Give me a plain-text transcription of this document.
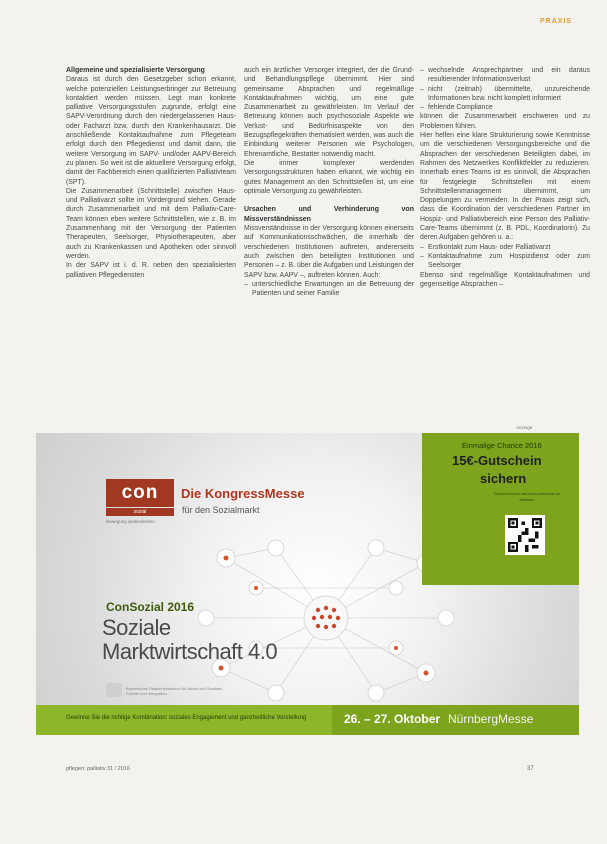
PRAXIS
Allgemeine und spezialisierte Versorgung

Daraus ist durch den Gesetzgeber schon erkannt, welche potenziellen Leistungserbringer zur Betreuung kontaktiert werden müssen. Legt man konkrete palliative Versorgungsstufen zugrunde, erfolgt eine SAPV-Verordnung durch den niedergelassenen Haus- oder Facharzt bzw. durch den Krankenhausarzt. Die anschließende Kontaktaufnahme zum Pflegeteam erfolgt durch den Pflegedienst und damit dann, die weitere Versorgung im SAPV- und/oder AAPV-Bereich zu planen. So weit ist die aktuellere Versorgung erfolgt, damit der Fachbereich einen qualifizierten Palliativteam (SPT).

Die Zusammenarbeit (Schnittstelle) zwischen Haus- und Palliativarzt sollte im Vordergrund stehen. Gerade durch Zusammenarbeit und mit dem Palliativ-Care-Team können eben weitere Schnittstellen, wie z. B. im Zusammenhang mit der Versorgung der Patienten Therapeuten, Seelsorger, Physiotherapeuten, aber auch zu Krankenkassen und Apotheken oder sinnvoll werden.

In der SAPV ist i. d. R. neben den spezialisierten palliativen Pflegediensten

auch ein ärztlicher Versorger integriert, der die Grund- und Behandlungspflege übernimmt. Hier sind gemeinsame Absprachen und regelmäßige Kontaktaufnahmen wichtig, um eine gute Zusammenarbeit zu gewährleisten. Im Verlauf der Betreuung können auch psychosoziale Aspekte wie Verlust- und Bedürfnisaspekte von den Bezugspflegekräften thematisiert werden, was auch die Einbindung weiterer Personen wie Psychologen, Ehrenamtliche, Bestatter notwendig macht.

Die immer komplexer werdenden Versorgungsstrukturen haben erkannt, wie wichtig ein gutes Management an den Schnittstellen ist, um eine optimale Versorgung zu gewährleisten.

Ursachen und Verhinderung von Missverständnissen

Missverständnisse in der Versorgung können einerseits auf Kommunikationsschwächen, die innerhalb der verschiedenen Institutionen auftreten, andererseits auch zwischen den beteiligten Institutionen und Personen – z. B. über die Aufgaben und Leistungen der SAPV bzw. AAPV –, auftreten können. Auch:

– unterschiedliche Erwartungen an die Betreuung der Patienten und seiner Familie
– wechselnde Ansprechpartner und ein daraus resultierender Informationsverlust
– nicht (zeitnah) übermittelte, unzureichende Informationen bzw. nicht komplett informiert
– fehlende Compliance

können die Zusammenarbeit erschweren und zu Problemen führen.

Hier helfen eine klare Strukturierung sowie Kenntnisse um die verschiedenen Versorgungsbereiche und die Absprachen der verschiedenen Beteiligten dabei, im Rahmen des Netzwerkes Konfliktfelder zu reduzieren. Innerhalb eines Teams ist es sinnvoll, die Absprachen für festgelegte Schnittstellen mit einem Schnittstellenmanagement übernimmt, um Doppelungen zu vermeiden. In der Praxis zeigt sich, dass die Koordination der verschiedenen Partner im Hospiz- und Palliativbereich eine Person des Palliativ-Care-Teams übernimmt (z. B. PDL, Koordinatorin). Zu deren Aufgaben gehören u. a.:

– Erstkontakt zum Haus- oder Palliativarzt
– Kontaktaufnahme zum Hospizdienst oder zum Seelsorger

Ebenso sind regelmäßige Kontaktaufnahmen und gegenseitige Absprachen –

Anzeige
con
sozial
bewegung weiterdenken
Die KongressMesse
für den Sozialmarkt
ConSozial 2016
Soziale
Marktwirtschaft 4.0
Bayerisches Staatsministerium für Arbeit und Soziales, Familie und Integration
Einmalige Chance 2016
15€-Gutschein
sichern
Gutscheincode auf www.consozial.de einlösen
Gewinne Sie die richtige Kombination: soziales Engagement und ganzheitliche Vorstellung	26. – 27. Oktober NürnbergMesse
pflegen: palliativ 31 / 2016	37
